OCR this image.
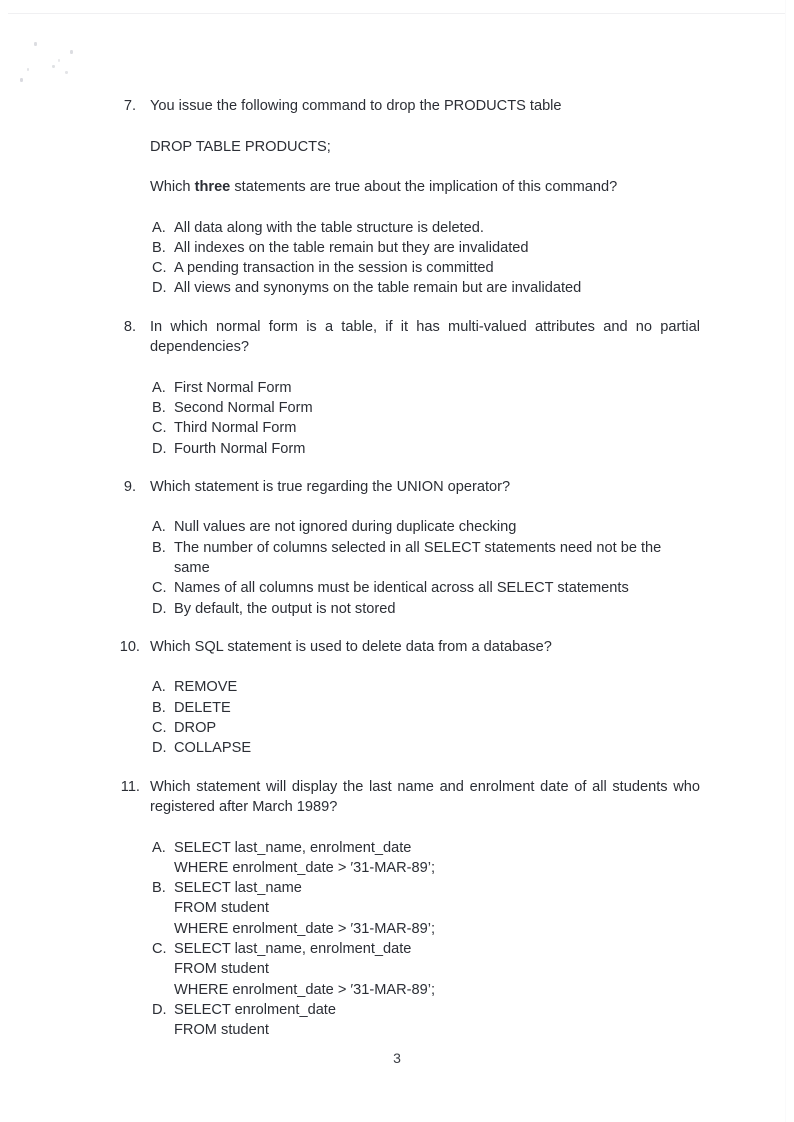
7. You issue the following command to drop the PRODUCTS table

DROP TABLE PRODUCTS;

Which three statements are true about the implication of this command?

A. All data along with the table structure is deleted.
B. All indexes on the table remain but they are invalidated
C. A pending transaction in the session is committed
D. All views and synonyms on the table remain but are invalidated
8. In which normal form is a table, if it has multi-valued attributes and no partial dependencies?

A. First Normal Form
B. Second Normal Form
C. Third Normal Form
D. Fourth Normal Form
9. Which statement is true regarding the UNION operator?

A. Null values are not ignored during duplicate checking
B. The number of columns selected in all SELECT statements need not be the same
C. Names of all columns must be identical across all SELECT statements
D. By default, the output is not stored
10. Which SQL statement is used to delete data from a database?

A. REMOVE
B. DELETE
C. DROP
D. COLLAPSE
11. Which statement will display the last name and enrolment date of all students who registered after March 1989?

A. SELECT last_name, enrolment_date
WHERE enrolment_date > ′31-MAR-89’;
B. SELECT last_name
FROM student
WHERE enrolment_date > ′31-MAR-89’;
C. SELECT last_name, enrolment_date
FROM student
WHERE enrolment_date > ′31-MAR-89’;
D. SELECT enrolment_date
FROM student
3
